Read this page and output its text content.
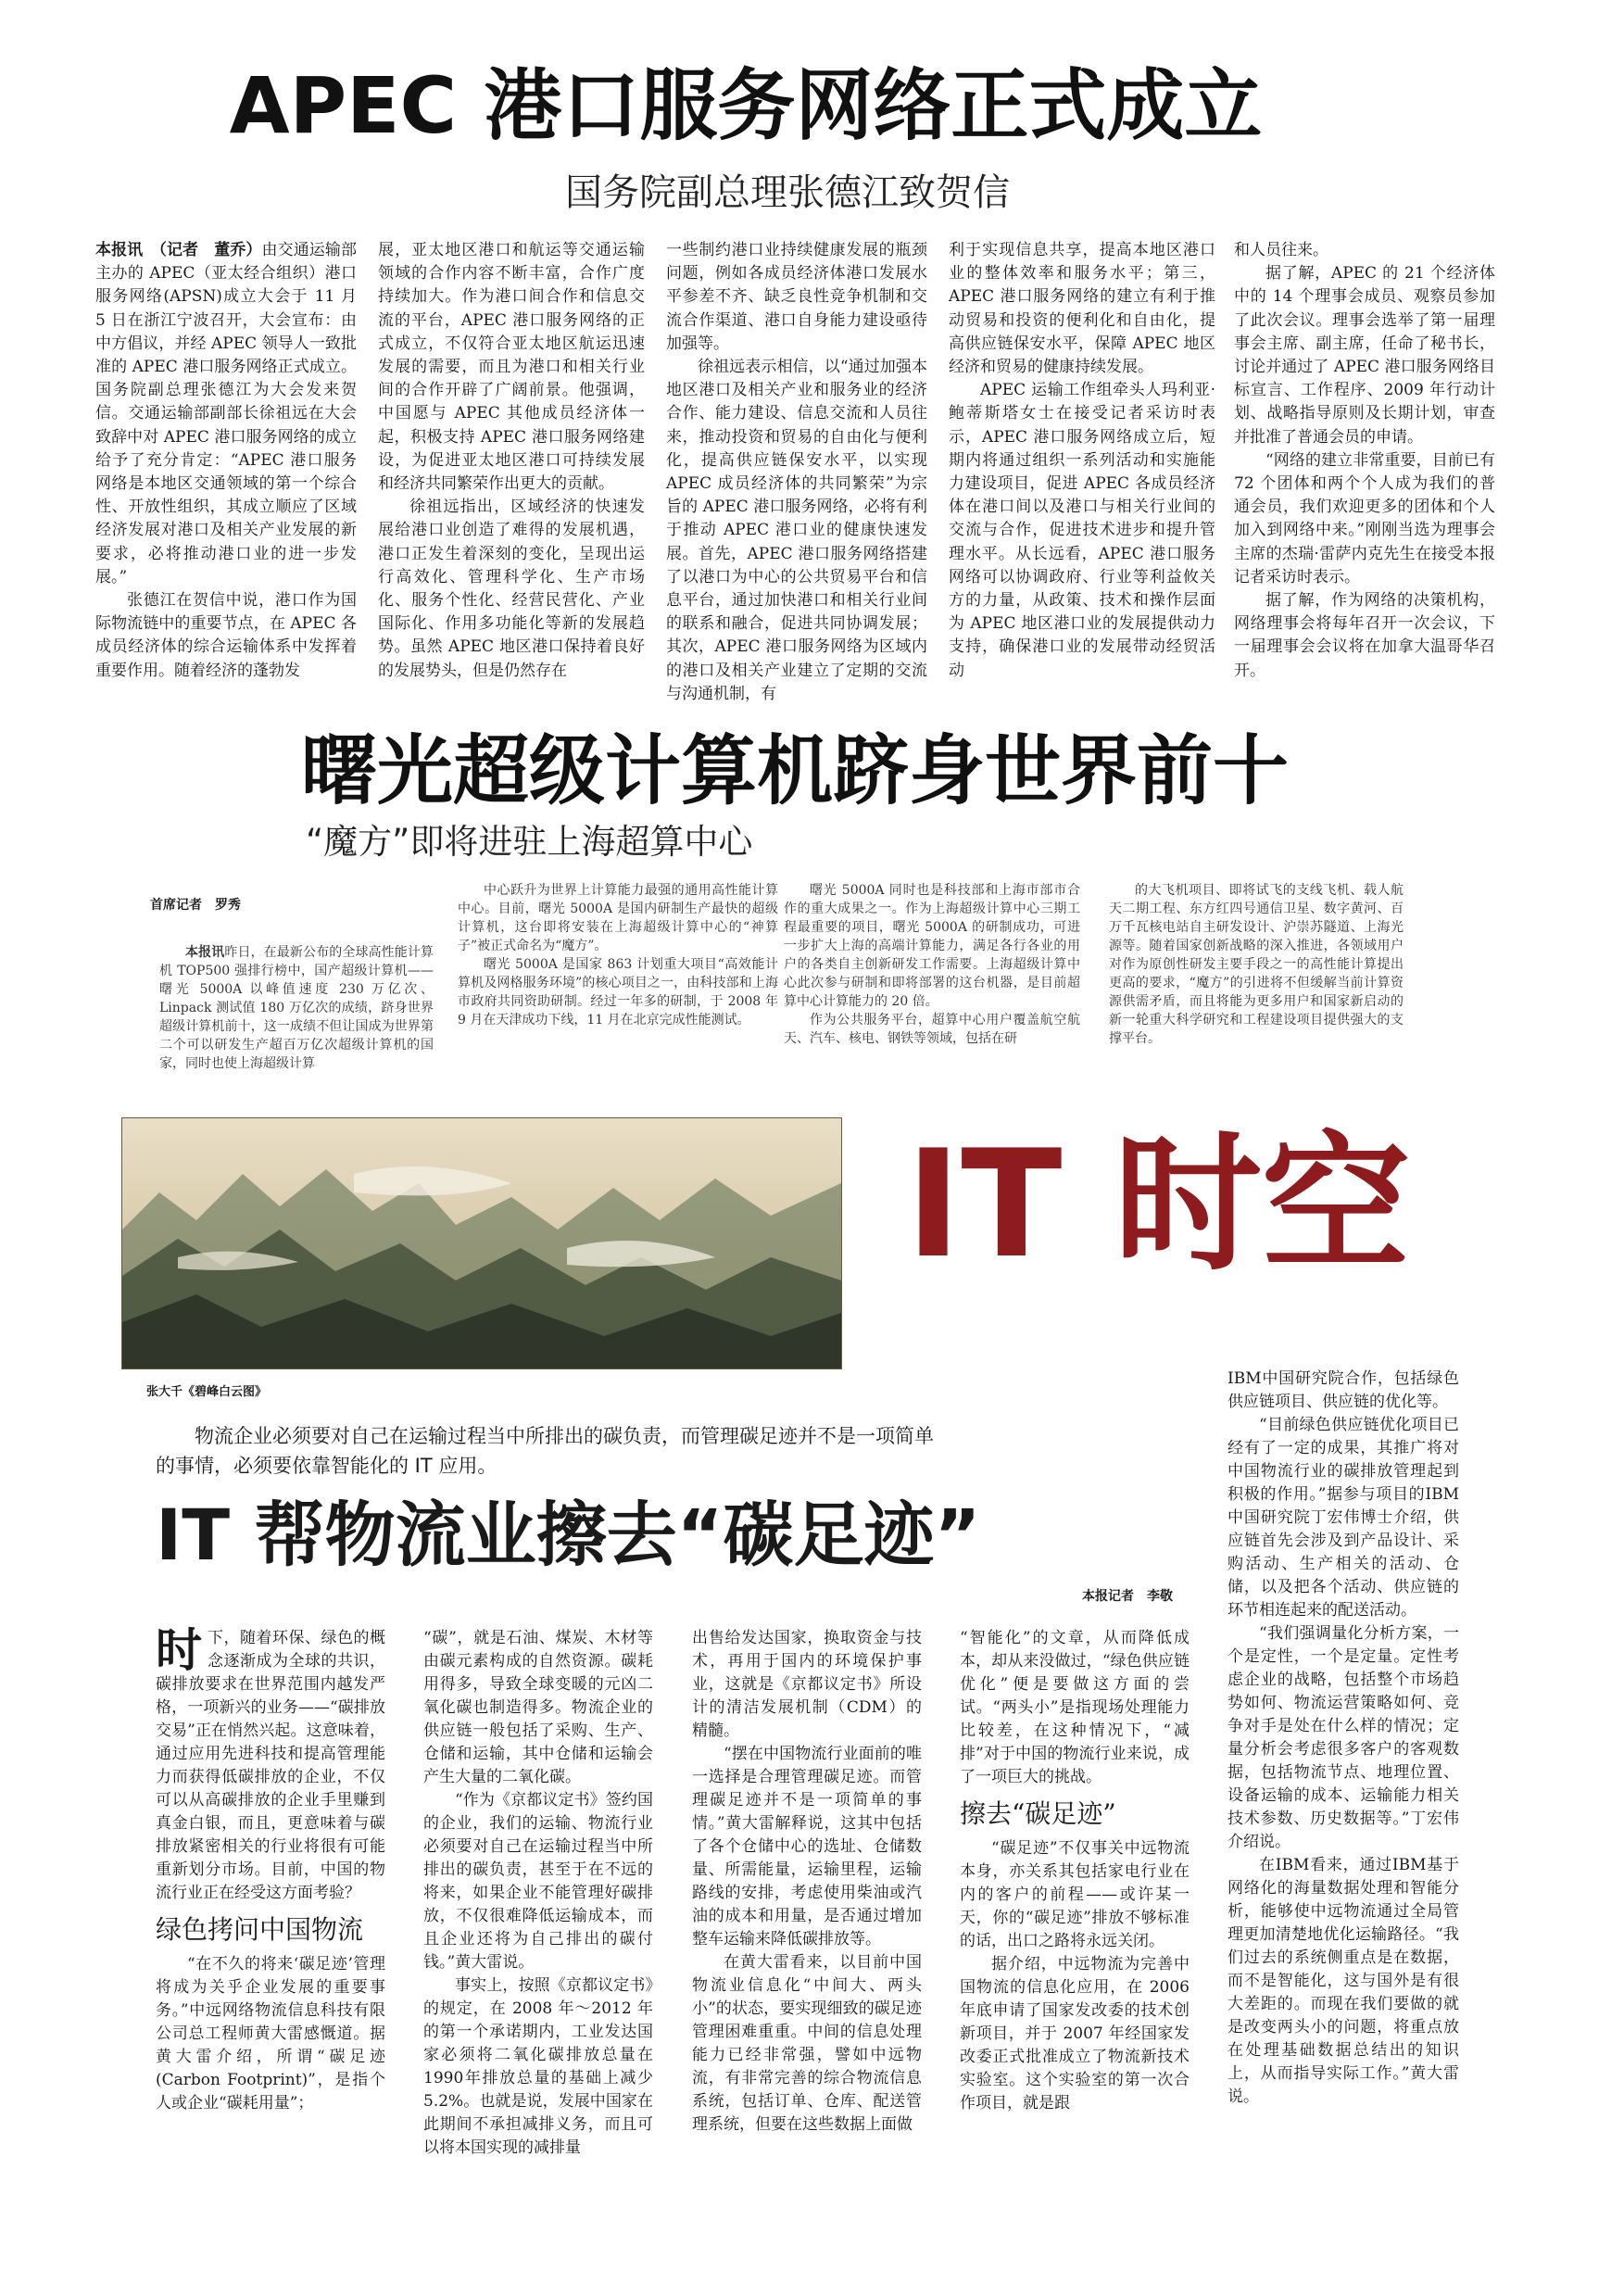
APEC 港口服务网络正式成立
国务院副总理张德江致贺信

本报讯　（记者　董乔）由交通运输部主办的 APEC（亚太经合组织）港口服务网络(APSN)成立大会于 11 月 5 日在浙江宁波召开，大会宣布：由中方倡议，并经 APEC 领导人一致批准的 APEC 港口服务网络正式成立。国务院副总理张德江为大会发来贺信。交通运输部副部长徐祖远在大会致辞中对 APEC 港口服务网络的成立给予了充分肯定：“APEC 港口服务网络是本地区交通领域的第一个综合性、开放性组织，其成立顺应了区域经济发展对港口及相关产业发展的新要求，必将推动港口业的进一步发展。”

张德江在贺信中说，港口作为国际物流链中的重要节点，在 APEC 各成员经济体的综合运输体系中发挥着重要作用。随着经济的蓬勃发

展，亚太地区港口和航运等交通运输领域的合作内容不断丰富，合作广度持续加大。作为港口间合作和信息交流的平台，APEC 港口服务网络的正式成立，不仅符合亚太地区航运迅速发展的需要，而且为港口和相关行业间的合作开辟了广阔前景。他强调，中国愿与 APEC 其他成员经济体一起，积极支持 APEC 港口服务网络建设，为促进亚太地区港口可持续发展和经济共同繁荣作出更大的贡献。

徐祖远指出，区域经济的快速发展给港口业创造了难得的发展机遇，港口正发生着深刻的变化，呈现出运行高效化、管理科学化、生产市场化、服务个性化、经营民营化、产业国际化、作用多功能化等新的发展趋势。虽然 APEC 地区港口保持着良好的发展势头，但是仍然存在

一些制约港口业持续健康发展的瓶颈问题，例如各成员经济体港口发展水平参差不齐、缺乏良性竞争机制和交流合作渠道、港口自身能力建设亟待加强等。

徐祖远表示相信，以“通过加强本地区港口及相关产业和服务业的经济合作、能力建设、信息交流和人员往来，推动投资和贸易的自由化与便利化，提高供应链保安水平，以实现 APEC 成员经济体的共同繁荣”为宗旨的 APEC 港口服务网络，必将有利于推动 APEC 港口业的健康快速发展。首先，APEC 港口服务网络搭建了以港口为中心的公共贸易平台和信息平台，通过加快港口和相关行业间的联系和融合，促进共同协调发展；其次，APEC 港口服务网络为区域内的港口及相关产业建立了定期的交流与沟通机制，有

利于实现信息共享，提高本地区港口业的整体效率和服务水平；第三，APEC 港口服务网络的建立有利于推动贸易和投资的便利化和自由化，提高供应链保安水平，保障 APEC 地区经济和贸易的健康持续发展。

APEC 运输工作组牵头人玛利亚·鲍蒂斯塔女士在接受记者采访时表示，APEC 港口服务网络成立后，短期内将通过组织一系列活动和实施能力建设项目，促进 APEC 各成员经济体在港口间以及港口与相关行业间的交流与合作，促进技术进步和提升管理水平。从长远看，APEC 港口服务网络可以协调政府、行业等利益攸关方的力量，从政策、技术和操作层面为 APEC 地区港口业的发展提供动力支持，确保港口业的发展带动经贸活动

和人员往来。

据了解，APEC 的 21 个经济体中的 14 个理事会成员、观察员参加了此次会议。理事会选举了第一届理事会主席、副主席，任命了秘书长，讨论并通过了 APEC 港口服务网络目标宣言、工作程序、2009 年行动计划、战略指导原则及长期计划，审查并批准了普通会员的申请。

“网络的建立非常重要，目前已有 72 个团体和两个个人成为我们的普通会员，我们欢迎更多的团体和个人加入到网络中来。”刚刚当选为理事会主席的杰瑞·雷萨内克先生在接受本报记者采访时表示。

据了解，作为网络的决策机构，网络理事会将每年召开一次会议，下一届理事会会议将在加拿大温哥华召开。

曙光超级计算机跻身世界前十
“魔方”即将进驻上海超算中心
首席记者　罗秀

本报讯昨日，在最新公布的全球高性能计算机 TOP500 强排行榜中，国产超级计算机——曙光 5000A 以峰值速度 230 万亿次、Linpack 测试值 180 万亿次的成绩，跻身世界超级计算机前十，这一成绩不但让国成为世界第二个可以研发生产超百万亿次超级计算机的国家，同时也使上海超级计算

中心跃升为世界上计算能力最强的通用高性能计算中心。目前，曙光 5000A 是国内研制生产最快的超级计算机，这台即将安装在上海超级计算中心的“神算子”被正式命名为“魔方”。

曙光 5000A 是国家 863 计划重大项目“高效能计算机及网格服务环境”的核心项目之一，由科技部和上海市政府共同资助研制。经过一年多的研制，于 2008 年 9 月在天津成功下线，11 月在北京完成性能测试。

曙光 5000A 同时也是科技部和上海市部市合作的重大成果之一。作为上海超级计算中心三期工程最重要的项目，曙光 5000A 的研制成功，可进一步扩大上海的高端计算能力，满足各行各业的用户的各类自主创新研发工作需要。上海超级计算中心此次参与研制和即将部署的这台机器，是目前超算中心计算能力的 20 倍。

作为公共服务平台，超算中心用户覆盖航空航天、汽车、核电、钢铁等领域，包括在研

的大飞机项目、即将试飞的支线飞机、载人航天二期工程、东方红四号通信卫星、数字黄河、百万千瓦核电站自主研发设计、沪崇苏隧道、上海光源等。随着国家创新战略的深入推进，各领域用户对作为原创性研发主要手段之一的高性能计算提出更高的要求，“魔方”的引进将不但缓解当前计算资源供需矛盾，而且将能为更多用户和国家新启动的新一轮重大科学研究和工程建设项目提供强大的支撑平台。

张大千《碧峰白云图》
IT 时空
物流企业必须要对自己在运输过程当中所排出的碳负责，而管理碳足迹并不是一项简单的事情，必须要依靠智能化的 IT 应用。
IT 帮物流业擦去“碳足迹”
本报记者　李敬

时下，随着环保、绿色的概念逐渐成为全球的共识，碳排放要求在世界范围内越发严格，一项新兴的业务——“碳排放交易”正在悄然兴起。这意味着，通过应用先进科技和提高管理能力而获得低碳排放的企业，不仅可以从高碳排放的企业手里赚到真金白银，而且，更意味着与碳排放紧密相关的行业将很有可能重新划分市场。目前，中国的物流行业正在经受这方面考验？

绿色拷问中国物流

“在不久的将来‘碳足迹’管理将成为关乎企业发展的重要事务。”中远网络物流信息科技有限公司总工程师黄大雷感慨道。据黄大雷介绍，所谓“碳足迹(Carbon Footprint)”，是指个人或企业“碳耗用量”；

“碳”，就是石油、煤炭、木材等由碳元素构成的自然资源。碳耗用得多，导致全球变暖的元凶二氧化碳也制造得多。物流企业的供应链一般包括了采购、生产、仓储和运输，其中仓储和运输会产生大量的二氧化碳。

“作为《京都议定书》签约国的企业，我们的运输、物流行业必须要对自己在运输过程当中所排出的碳负责，甚至于在不远的将来，如果企业不能管理好碳排放，不仅很难降低运输成本，而且企业还将为自己排出的碳付钱。”黄大雷说。

事实上，按照《京都议定书》的规定，在 2008 年～2012 年的第一个承诺期内，工业发达国家必须将二氧化碳排放总量在1990年排放总量的基础上减少5.2%。也就是说，发展中国家在此期间不承担减排义务，而且可以将本国实现的减排量

出售给发达国家，换取资金与技术，再用于国内的环境保护事业，这就是《京都议定书》所设计的清洁发展机制（CDM）的精髓。

“摆在中国物流行业面前的唯一选择是合理管理碳足迹。而管理碳足迹并不是一项简单的事情。”黄大雷解释说，这其中包括了各个仓储中心的选址、仓储数量、所需能量，运输里程，运输路线的安排，考虑使用柴油或汽油的成本和用量，是否通过增加整车运输来降低碳排放等。

在黄大雷看来，以目前中国物流业信息化“中间大、两头小”的状态，要实现细致的碳足迹管理困难重重。中间的信息处理能力已经非常强，譬如中远物流，有非常完善的综合物流信息系统，包括订单、仓库、配送管理系统，但要在这些数据上面做

“智能化”的文章，从而降低成本，却从来没做过，“绿色供应链优化”便是要做这方面的尝试。“两头小”是指现场处理能力比较差，在这种情况下，“减排”对于中国的物流行业来说，成了一项巨大的挑战。

擦去“碳足迹”

“碳足迹”不仅事关中远物流本身，亦关系其包括家电行业在内的客户的前程——或许某一天，你的“碳足迹”排放不够标准的话，出口之路将永远关闭。

据介绍，中远物流为完善中国物流的信息化应用，在 2006 年底申请了国家发改委的技术创新项目，并于 2007 年经国家发改委正式批准成立了物流新技术实验室。这个实验室的第一次合作项目，就是跟

IBM中国研究院合作，包括绿色供应链项目、供应链的优化等。

“目前绿色供应链优化项目已经有了一定的成果，其推广将对中国物流行业的碳排放管理起到积极的作用。”据参与项目的IBM中国研究院丁宏伟博士介绍，供应链首先会涉及到产品设计、采购活动、生产相关的活动、仓储，以及把各个活动、供应链的环节相连起来的配送活动。

“我们强调量化分析方案，一个是定性，一个是定量。定性考虑企业的战略，包括整个市场趋势如何、物流运营策略如何、竞争对手是处在什么样的情况；定量分析会考虑很多客户的客观数据，包括物流节点、地理位置、设备运输的成本、运输能力相关技术参数、历史数据等。”丁宏伟介绍说。

在IBM看来，通过IBM基于网络化的海量数据处理和智能分析，能够使中远物流通过全局管理更加清楚地优化运输路径。“我们过去的系统侧重点是在数据，而不是智能化，这与国外是有很大差距的。而现在我们要做的就是改变两头小的问题，将重点放在处理基础数据总结出的知识上，从而指导实际工作。”黄大雷说。
